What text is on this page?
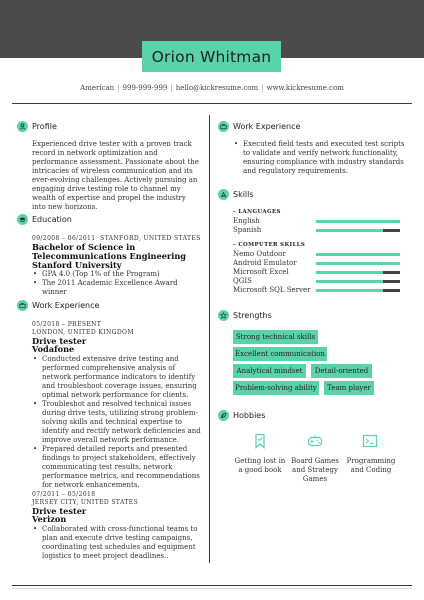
Orion Whitman
American | 999-999-999 | hello@kickresume.com | www.kickresume.com
Profile
Experienced drive tester with a proven track record in network optimization and performance assessment. Passionate about the intricacies of wireless communication and its ever-evolving challenges. Actively pursuing an engaging drive testing role to channel my wealth of expertise and propel the industry into new horizons.
Education
09/2008 – 06/2011 STANFORD, UNITED STATES
Bachelor of Science in
Telecommunications Engineering
Stanford University
• GPA 4.0 (Top 1% of the Program)
• The 2011 Academic Excellence Award winner
Work Experience
05/2018 – PRESENT
LONDON, UNITED KINGDOM
Drive tester
Vodafone
• Conducted extensive drive testing and performed comprehensive analysis of network performance indicators to identify and troubleshoot coverage issues, ensuring optimal network performance for clients.
• Troubleshot and resolved technical issues during drive tests, utilizing strong problem-solving skills and technical expertise to identify and rectify network deficiencies and improve overall network performance.
• Prepared detailed reports and presented findings to project stakeholders, effectively communicating test results, network performance metrics, and recommendations for network enhancements.
07/2011 – 05/2018
JERSEY CITY, UNITED STATES
Drive tester
Verizon
• Collaborated with cross-functional teams to plan and execute drive testing campaigns, coordinating test schedules and equipment logistics to meet project deadlines..
Work Experience
• Executed field tests and executed test scripts to validate and verify network functionality, ensuring compliance with industry standards and regulatory requirements.
Skills
– LANGUAGES
English
Spanish
– COMPUTER SKILLS
Nemo Outdoor
Android Emulator
Microsoft Excel
QGIS
Microsoft SQL Server
Strengths
Strong technical skills
Excellent communication
Analytical mindset	Detail-oriented
Problem-solving ability	Team player
Hobbies
Getting lost in
a good book
Board Games
and Strategy
Games
Programming
and Coding
